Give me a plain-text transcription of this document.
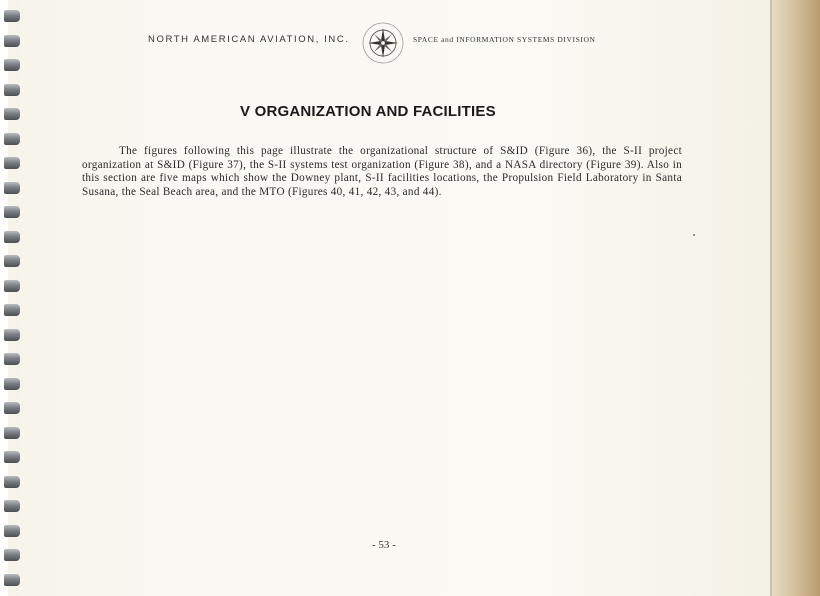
NORTH AMERICAN AVIATION, INC.	SPACE and INFORMATION SYSTEMS DIVISION
V ORGANIZATION AND FACILITIES
The figures following this page illustrate the organizational structure of S&ID (Figure 36), the S-II project organization at S&ID (Figure 37), the S-II systems test organization (Figure 38), and a NASA directory (Figure 39). Also in this section are five maps which show the Downey plant, S-II facilities locations, the Propulsion Field Laboratory in Santa Susana, the Seal Beach area, and the MTO (Figures 40, 41, 42, 43, and 44).
- 53 -
